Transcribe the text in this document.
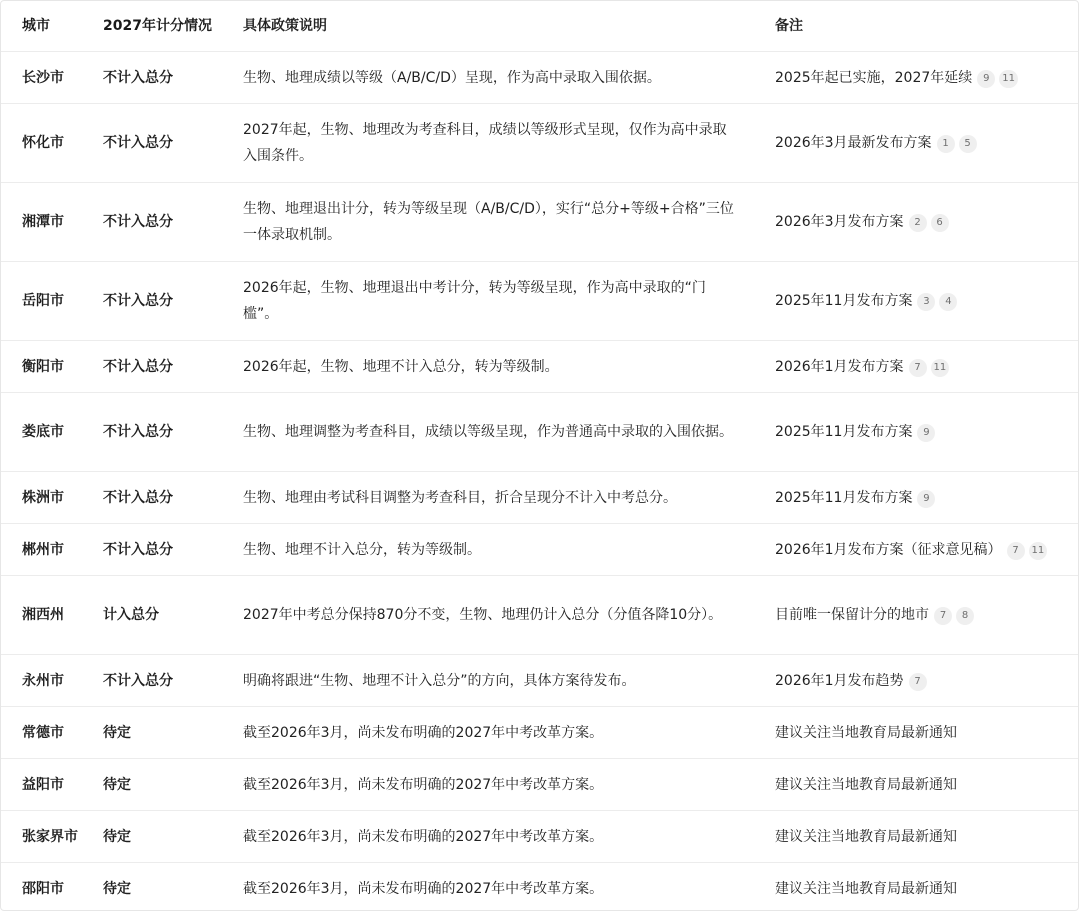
城市	2027年计分情况	具体政策说明	备注
长沙市	不计入总分	生物、地理成绩以等级（A/B/C/D）呈现，作为高中录取入围依据。	2025年起已实施，2027年延续 9 11
怀化市	不计入总分	2027年起，生物、地理改为考查科目，成绩以等级形式呈现，仅作为高中录取入围条件。	2026年3月最新发布方案 1 5
湘潭市	不计入总分	生物、地理退出计分，转为等级呈现（A/B/C/D），实行“总分+等级+合格”三位一体录取机制。	2026年3月发布方案 2 6
岳阳市	不计入总分	2026年起，生物、地理退出中考计分，转为等级呈现，作为高中录取的“门槛”。	2025年11月发布方案 3 4
衡阳市	不计入总分	2026年起，生物、地理不计入总分，转为等级制。	2026年1月发布方案 7 11
娄底市	不计入总分	生物、地理调整为考查科目，成绩以等级呈现，作为普通高中录取的入围依据。	2025年11月发布方案 9
株洲市	不计入总分	生物、地理由考试科目调整为考查科目，折合呈现分不计入中考总分。	2025年11月发布方案 9
郴州市	不计入总分	生物、地理不计入总分，转为等级制。	2026年1月发布方案（征求意见稿） 7 11
湘西州	计入总分	2027年中考总分保持870分不变，生物、地理仍计入总分（分值各降10分）。	目前唯一保留计分的地市 7 8
永州市	不计入总分	明确将跟进“生物、地理不计入总分”的方向，具体方案待发布。	2026年1月发布趋势 7
常德市	待定	截至2026年3月，尚未发布明确的2027年中考改革方案。	建议关注当地教育局最新通知
益阳市	待定	截至2026年3月，尚未发布明确的2027年中考改革方案。	建议关注当地教育局最新通知
张家界市	待定	截至2026年3月，尚未发布明确的2027年中考改革方案。	建议关注当地教育局最新通知
邵阳市	待定	截至2026年3月，尚未发布明确的2027年中考改革方案。	建议关注当地教育局最新通知
